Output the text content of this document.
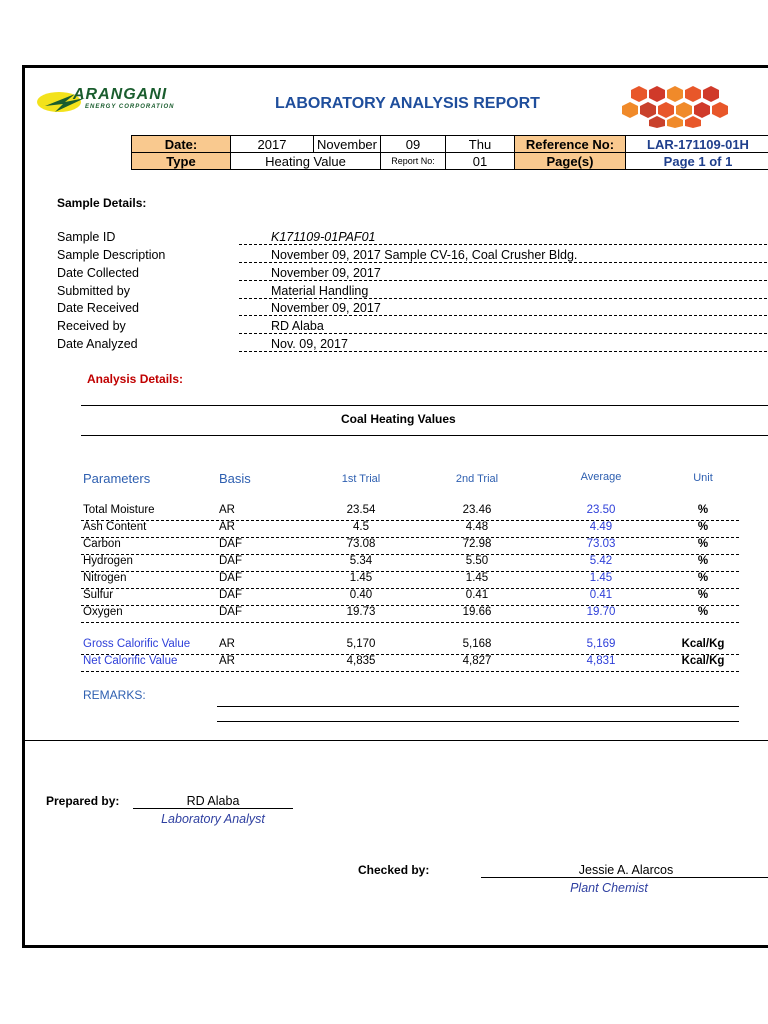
ARANGANI
ENERGY CORPORATION	LABORATORY ANALYSIS REPORT
Date:	2017	November	09	Thu	Reference No:	LAR-171109-01H
Type	Heating Value		Report No:	01	Page(s)	Page 1 of 1
Sample Details:
Sample ID	K171109-01PAF01
Sample Description	November 09, 2017 Sample CV-16, Coal Crusher Bldg.
Date Collected	November 09, 2017
Submitted by	Material Handling
Date Received	November 09, 2017
Received by	RD Alaba
Date Analyzed	Nov. 09, 2017
Analysis Details:
Coal Heating Values
Parameters	Basis	1st Trial	2nd Trial	Average	Unit
Total Moisture	AR	23.54	23.46	23.50	%
Ash Content	AR	4.5	4.48	4.49	%
Carbon	DAF	73.08	72.98	73.03	%
Hydrogen	DAF	5.34	5.50	5.42	%
Nitrogen	DAF	1.45	1.45	1.45	%
Sulfur	DAF	0.40	0.41	0.41	%
Oxygen	DAF	19.73	19.66	19.70	%
Gross Calorific Value	AR	5,170	5,168	5,169	Kcal/Kg
Net Calorific Value	AR	4,835	4,827	4,831	Kcal/Kg
REMARKS:
Prepared by:	RD Alaba
Laboratory Analyst
Checked by:	Jessie A. Alarcos
Plant Chemist
